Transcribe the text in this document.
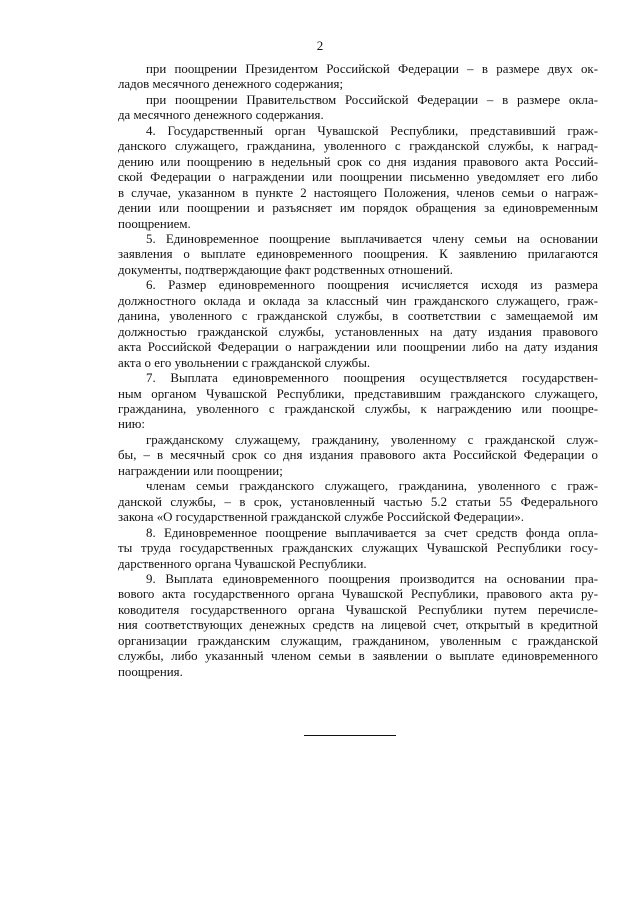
2
при поощрении Президентом Российской Федерации – в размере двух ок-
ладов месячного денежного содержания;
при поощрении Правительством Российской Федерации – в размере окла-
да месячного денежного содержания.
4. Государственный орган Чувашской Республики, представивший граж-
данского служащего, гражданина, уволенного с гражданской службы, к наград-
дению или поощрению в недельный срок со дня издания правового акта Россий-
ской Федерации о награждении или поощрении письменно уведомляет его либо
в случае, указанном в пункте 2 настоящего Положения, членов семьи о награж-
дении или поощрении и разъясняет им порядок обращения за единовременным
поощрением.
5. Единовременное поощрение выплачивается члену семьи на основании
заявления о выплате единовременного поощрения. К заявлению прилагаются
документы, подтверждающие факт родственных отношений.
6. Размер единовременного поощрения исчисляется исходя из размера
должностного оклада и оклада за классный чин гражданского служащего, граж-
данина, уволенного с гражданской службы, в соответствии с замещаемой им
должностью гражданской службы, установленных на дату издания правового
акта Российской Федерации о награждении или поощрении либо на дату издания
акта о его увольнении с гражданской службы.
7. Выплата единовременного поощрения осуществляется государствен-
ным органом Чувашской Республики, представившим гражданского служащего,
гражданина, уволенного с гражданской службы, к награждению или поощре-
нию:
гражданскому служащему, гражданину, уволенному с гражданской служ-
бы, – в месячный срок со дня издания правового акта Российской Федерации о
награждении или поощрении;
членам семьи гражданского служащего, гражданина, уволенного с граж-
данской службы, – в срок, установленный частью 5.2 статьи 55 Федерального
закона «О государственной гражданской службе Российской Федерации».
8. Единовременное поощрение выплачивается за счет средств фонда опла-
ты труда государственных гражданских служащих Чувашской Республики госу-
дарственного органа Чувашской Республики.
9. Выплата единовременного поощрения производится на основании пра-
вового акта государственного органа Чувашской Республики, правового акта ру-
ководителя государственного органа Чувашской Республики путем перечисле-
ния соответствующих денежных средств на лицевой счет, открытый в кредитной
организации гражданским служащим, гражданином, уволенным с гражданской
службы, либо указанный членом семьи в заявлении о выплате единовременного
поощрения.
